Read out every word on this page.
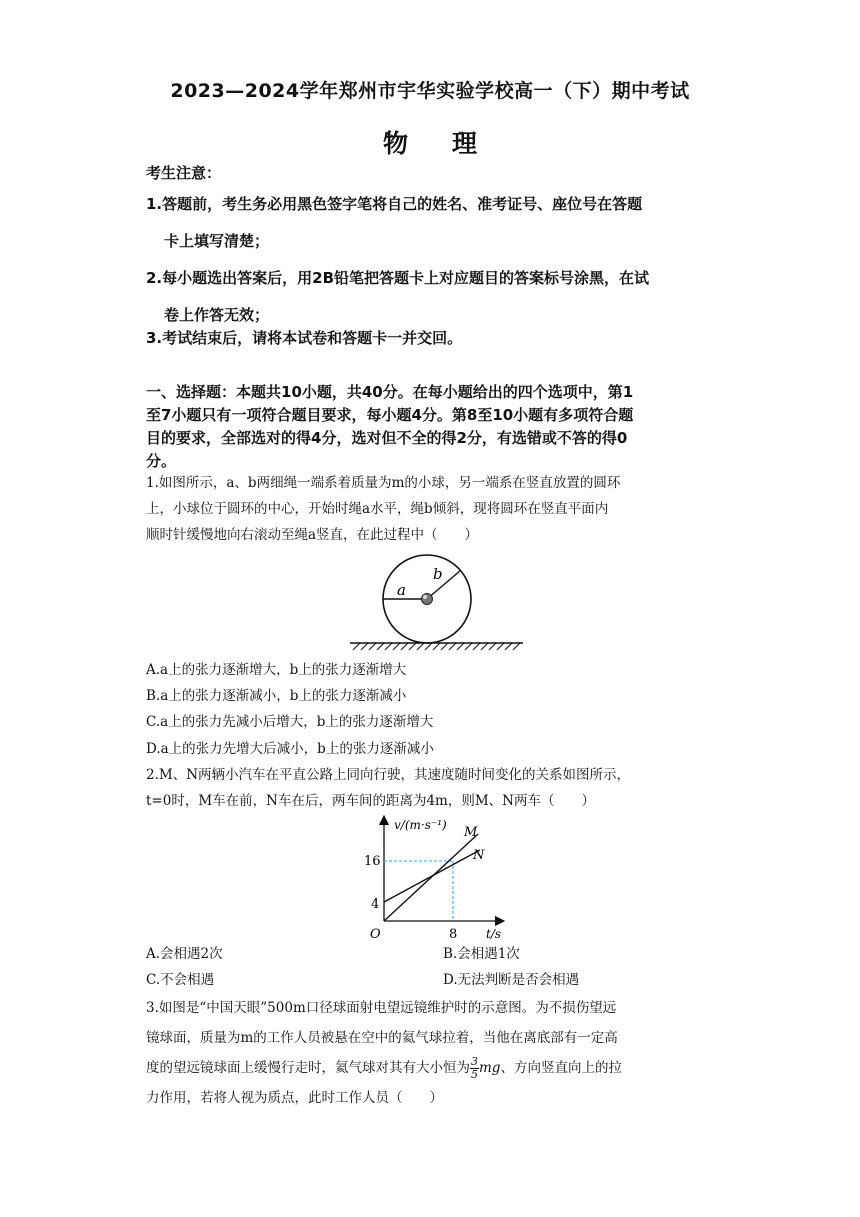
2023—2024学年郑州市宇华实验学校高一（下）期中考试
物理
考生注意：
1.答题前，考生务必用黑色签字笔将自己的姓名、准考证号、座位号在答题
卡上填写清楚；
2.每小题选出答案后，用2B铅笔把答题卡上对应题目的答案标号涂黑，在试
卷上作答无效；
3.考试结束后，请将本试卷和答题卡一并交回。
一、选择题：本题共10小题，共40分。在每小题给出的四个选项中，第1
至7小题只有一项符合题目要求，每小题4分。第8至10小题有多项符合题
目的要求，全部选对的得4分，选对但不全的得2分，有选错或不答的得0
分。
1.如图所示，a、b两细绳一端系着质量为m的小球，另一端系在竖直放置的圆环
上，小球位于圆环的中心，开始时绳a水平，绳b倾斜，现将圆环在竖直平面内
顺时针缓慢地向右滚动至绳a竖直，在此过程中（　　）
a
b
A.a上的张力逐渐增大，b上的张力逐渐增大
B.a上的张力逐渐减小，b上的张力逐渐减小
C.a上的张力先减小后增大，b上的张力逐渐增大
D.a上的张力先增大后减小，b上的张力逐渐减小
2.M、N两辆小汽车在平直公路上同向行驶，其速度随时间变化的关系如图所示，
t=0时，M车在前，N车在后，两车间的距离为4m，则M、N两车（　　）
v/(m·s⁻¹) M
N
16
4
8
O	t/s
A.会相遇2次	B.会相遇1次
C.不会相遇	D.无法判断是否会相遇
3.如图是“中国天眼”500m口径球面射电望远镜维护时的示意图。为不损伤望远
镜球面，质量为m的工作人员被悬在空中的氦气球拉着，当他在离底部有一定高
度的望远镜球面上缓慢行走时，氦气球对其有大小恒为 $\frac{3}{5}$ mg、方向竖直向上的拉
力作用，若将人视为质点，此时工作人员（　　）
